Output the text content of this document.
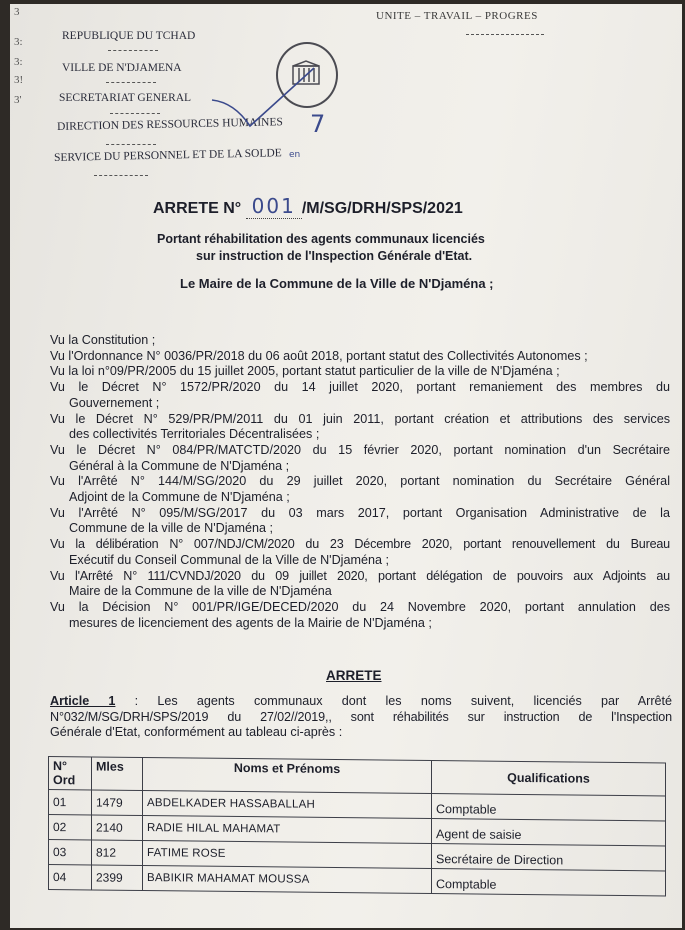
3
3:
3:
3!
3'
UNITE – TRAVAIL – PROGRES
REPUBLIQUE DU TCHAD
VILLE DE N'DJAMENA
SECRETARIAT GENERAL
DIRECTION DES RESSOURCES HUMAINES
SERVICE DU PERSONNEL ET DE LA SOLDE
7
en
ARRETE N° 001 /M/SG/DRH/SPS/2021
Portant réhabilitation des agents communaux licenciés
sur instruction de l'Inspection Générale d'Etat.
Le Maire de la Commune de la Ville de N'Djaména ;

Vu la Constitution ;

Vu l'Ordonnance N° 0036/PR/2018 du 06 août 2018, portant statut des Collectivités Autonomes ;

Vu la loi n°09/PR/2005 du 15 juillet 2005, portant statut particulier de la ville de N'Djaména ;

Vu le Décret N° 1572/PR/2020 du 14 juillet 2020, portant remaniement des membres du
Gouvernement ;

Vu le Décret N° 529/PR/PM/2011 du 01 juin 2011, portant création et attributions des services
des collectivités Territoriales Décentralisées ;

Vu le Décret N° 084/PR/MATCTD/2020 du 15 février 2020, portant nomination d'un Secrétaire
Général à la Commune de N'Djaména ;

Vu l'Arrêté N° 144/M/SG/2020 du 29 juillet 2020, portant nomination du Secrétaire Général
Adjoint de la Commune de N'Djaména ;

Vu l'Arrêté N° 095/M/SG/2017 du 03 mars 2017, portant Organisation Administrative de la
Commune de la ville de N'Djaména ;

Vu la délibération N° 007/NDJ/CM/2020 du 23 Décembre 2020, portant renouvellement du Bureau
Exécutif du Conseil Communal de la Ville de N'Djaména ;

Vu l'Arrêté N° 111/CVNDJ/2020 du 09 juillet 2020, portant délégation de pouvoirs aux Adjoints au
Maire de la Commune de la ville de N'Djaména

Vu la Décision N° 001/PR/IGE/DECED/2020 du 24 Novembre 2020, portant annulation des
mesures de licenciement des agents de la Mairie de N'Djaména ;

ARRETE
Article 1 : Les agents communaux dont les noms suivent, licenciés par Arrêté
N°032/M/SG/DRH/SPS/2019 du 27/02//2019,, sont réhabilités sur instruction de l'Inspection
Générale d'Etat, conformément au tableau ci-après :
N°
Ord	Mles	Noms et Prénoms	Qualifications
01	1479	ABDELKADER HASSABALLAH	Comptable
02	2140	RADIE HILAL MAHAMAT	Agent de saisie
03	812	FATIME ROSE	Secrétaire de Direction
04	2399	BABIKIR MAHAMAT MOUSSA	Comptable
